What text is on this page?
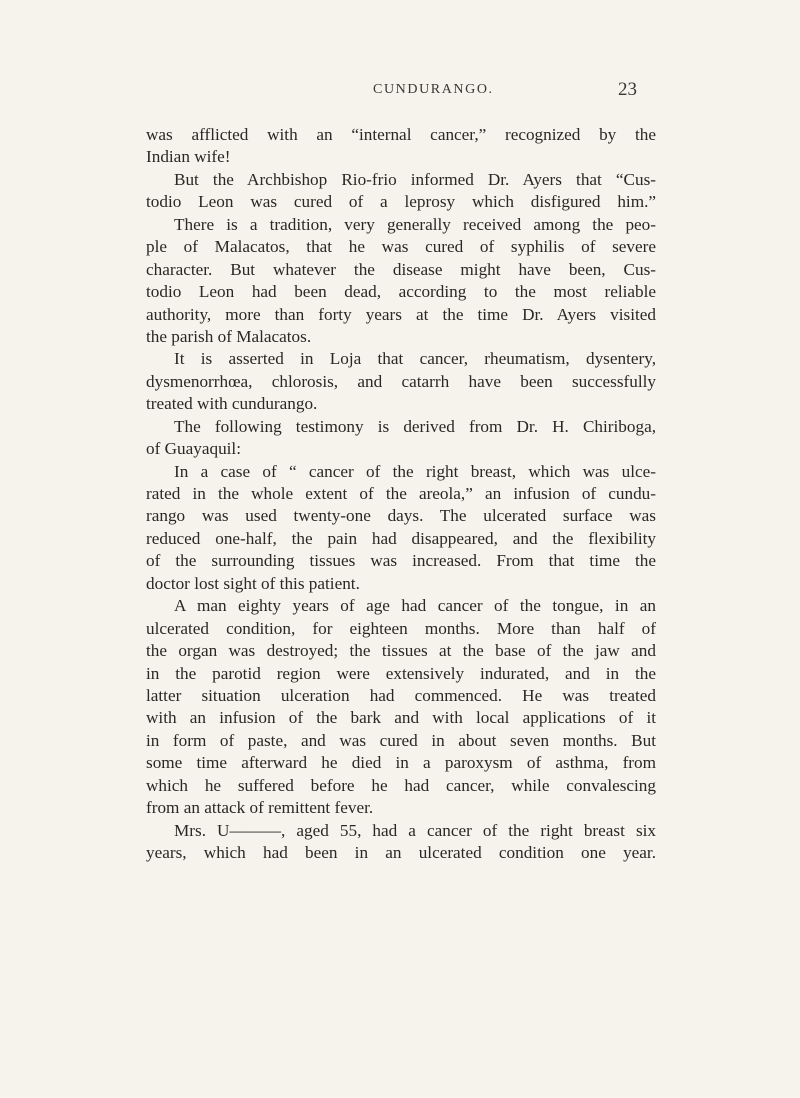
CUNDURANGO.	23
was afflicted with an “internal cancer,” recognized by the
Indian wife!
But the Archbishop Rio-frio informed Dr. Ayers that “Cus-
todio Leon was cured of a leprosy which disfigured him.”
There is a tradition, very generally received among the peo-
ple of Malacatos, that he was cured of syphilis of severe
character. But whatever the disease might have been, Cus-
todio Leon had been dead, according to the most reliable
authority, more than forty years at the time Dr. Ayers visited
the parish of Malacatos.
It is asserted in Loja that cancer, rheumatism, dysentery,
dysmenorrhœa, chlorosis, and catarrh have been successfully
treated with cundurango.
The following testimony is derived from Dr. H. Chiriboga,
of Guayaquil:
In a case of “ cancer of the right breast, which was ulce-
rated in the whole extent of the areola,” an infusion of cundu-
rango was used twenty-one days. The ulcerated surface was
reduced one-half, the pain had disappeared, and the flexibility
of the surrounding tissues was increased. From that time the
doctor lost sight of this patient.
A man eighty years of age had cancer of the tongue, in an
ulcerated condition, for eighteen months. More than half of
the organ was destroyed; the tissues at the base of the jaw and
in the parotid region were extensively indurated, and in the
latter situation ulceration had commenced. He was treated
with an infusion of the bark and with local applications of it
in form of paste, and was cured in about seven months. But
some time afterward he died in a paroxysm of asthma, from
which he suffered before he had cancer, while convalescing
from an attack of remittent fever.
Mrs. U———, aged 55, had a cancer of the right breast six
years, which had been in an ulcerated condition one year.
